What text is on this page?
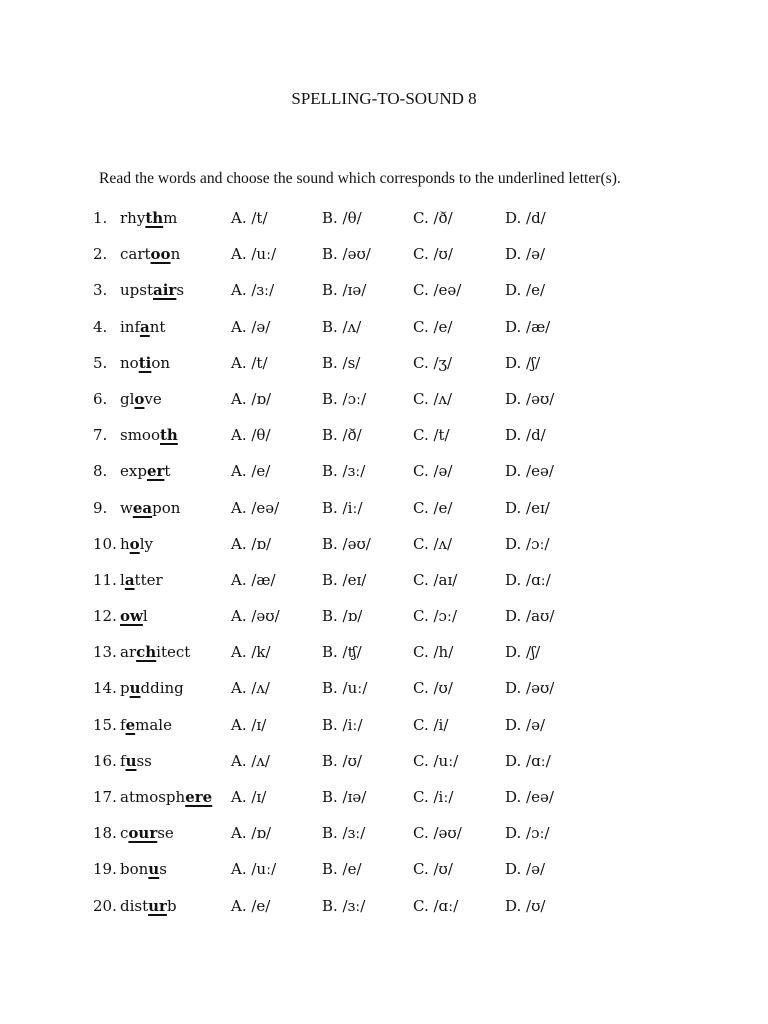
SPELLING-TO-SOUND 8
Read the words and choose the sound which corresponds to the underlined letter(s).
1. rhythm	A. /t/	B. /θ/	C. /ð/	D. /d/
2. cartoon	A. /uː/	B. /əʊ/	C. /ʊ/	D. /ə/
3. upstairs	A. /ɜː/	B. /ɪə/	C. /eə/	D. /e/
4. infant	A. /ə/	B. /ʌ/	C. /e/	D. /æ/
5. notion	A. /t/	B. /s/	C. /ʒ/	D. /ʃ/
6. glove	A. /ɒ/	B. /ɔː/	C. /ʌ/	D. /əʊ/
7. smooth	A. /θ/	B. /ð/	C. /t/	D. /d/
8. expert	A. /e/	B. /ɜː/	C. /ə/	D. /eə/
9. weapon	A. /eə/	B. /iː/	C. /e/	D. /eɪ/
10. holy	A. /ɒ/	B. /əʊ/	C. /ʌ/	D. /ɔː/
11. latter	A. /æ/	B. /eɪ/	C. /aɪ/	D. /ɑː/
12. owl	A. /əʊ/	B. /ɒ/	C. /ɔː/	D. /aʊ/
13. architect	A. /k/	B. /ʧ/	C. /h/	D. /ʃ/
14. pudding	A. /ʌ/	B. /uː/	C. /ʊ/	D. /əʊ/
15. female	A. /ɪ/	B. /iː/	C. /i/	D. /ə/
16. fuss	A. /ʌ/	B. /ʊ/	C. /uː/	D. /ɑː/
17. atmosphere A. /ɪ/	B. /ɪə/	C. /iː/	D. /eə/
18. course	A. /ɒ/	B. /ɜː/	C. /əʊ/	D. /ɔː/
19. bonus	A. /uː/	B. /e/	C. /ʊ/	D. /ə/
20. disturb	A. /e/	B. /ɜː/	C. /ɑː/	D. /ʊ/
